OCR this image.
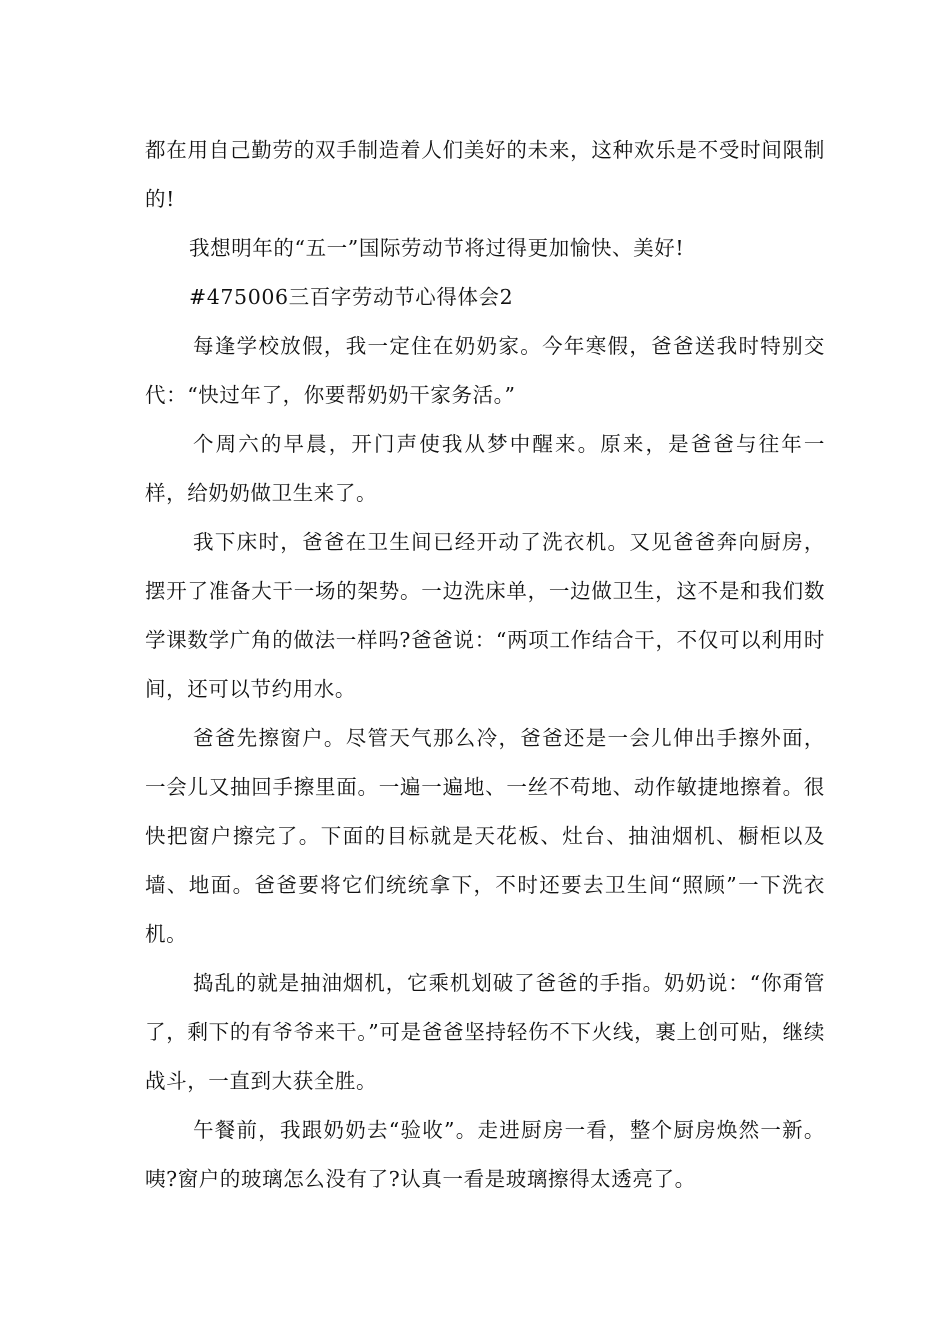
都在用自己勤劳的双手制造着人们美好的未来，这种欢乐是不受时间限制的!

我想明年的“五一”国际劳动节将过得更加愉快、美好!

#475006三百字劳动节心得体会2

每逢学校放假，我一定住在奶奶家。今年寒假，爸爸送我时特别交代：“快过年了，你要帮奶奶干家务活。”

个周六的早晨，开门声使我从梦中醒来。原来，是爸爸与往年一样，给奶奶做卫生来了。

我下床时，爸爸在卫生间已经开动了洗衣机。又见爸爸奔向厨房，摆开了准备大干一场的架势。一边洗床单，一边做卫生，这不是和我们数学课数学广角的做法一样吗?爸爸说：“两项工作结合干，不仅可以利用时间，还可以节约用水。

爸爸先擦窗户。尽管天气那么冷，爸爸还是一会儿伸出手擦外面，一会儿又抽回手擦里面。一遍一遍地、一丝不苟地、动作敏捷地擦着。很快把窗户擦完了。下面的目标就是天花板、灶台、抽油烟机、橱柜以及墙、地面。爸爸要将它们统统拿下，不时还要去卫生间“照顾”一下洗衣机。

捣乱的就是抽油烟机，它乘机划破了爸爸的手指。奶奶说：“你甭管了，剩下的有爷爷来干。”可是爸爸坚持轻伤不下火线，裹上创可贴，继续战斗，一直到大获全胜。

午餐前，我跟奶奶去“验收”。走进厨房一看，整个厨房焕然一新。咦?窗户的玻璃怎么没有了?认真一看是玻璃擦得太透亮了。
